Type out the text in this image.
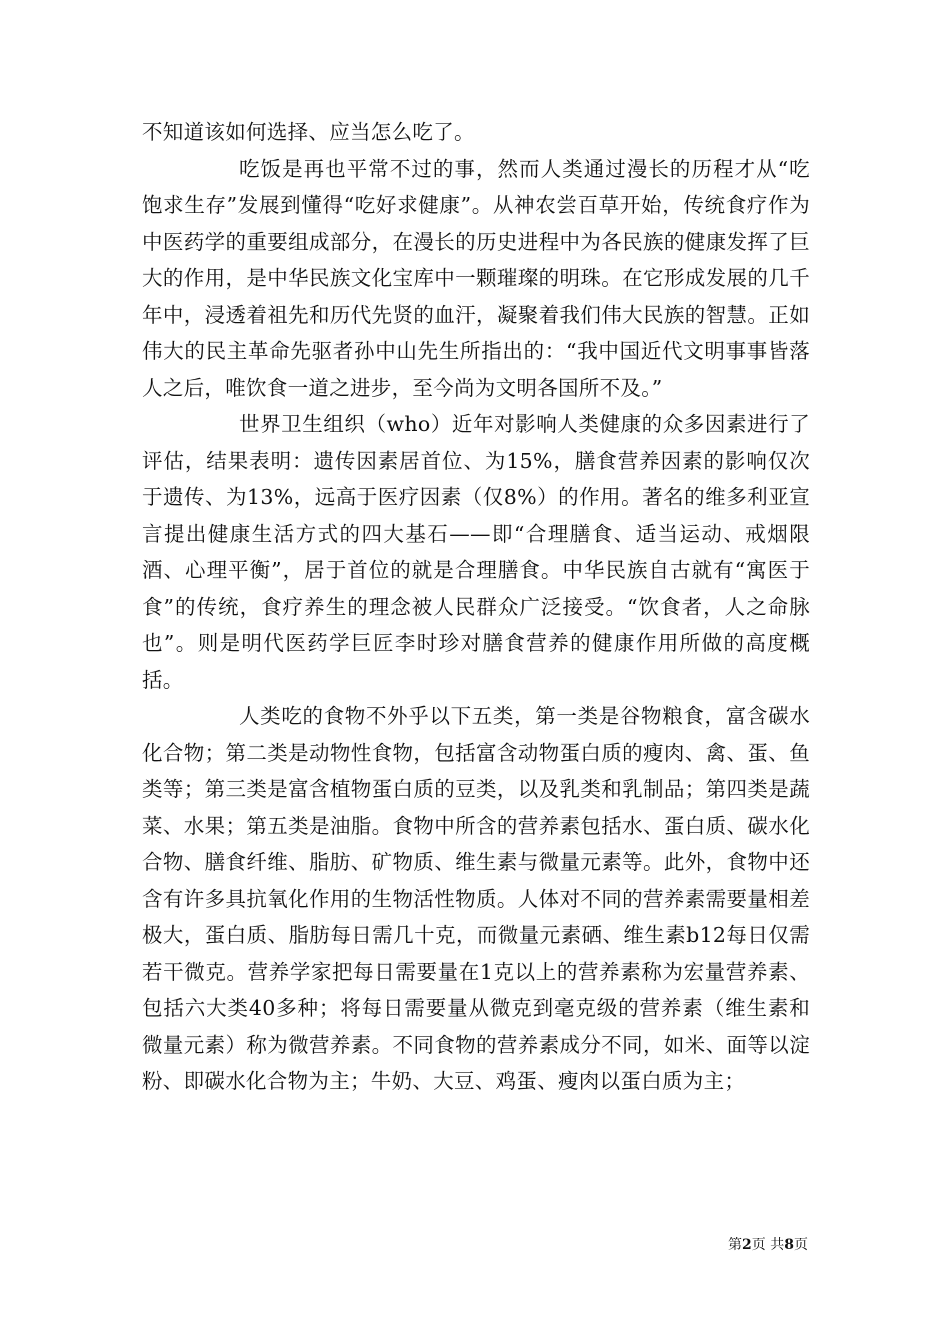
不知道该如何选择、应当怎么吃了。

吃饭是再也平常不过的事，然而人类通过漫长的历程才从“吃饱求生存”发展到懂得“吃好求健康”。从神农尝百草开始，传统食疗作为中医药学的重要组成部分，在漫长的历史进程中为各民族的健康发挥了巨大的作用，是中华民族文化宝库中一颗璀璨的明珠。在它形成发展的几千年中，浸透着祖先和历代先贤的血汗，凝聚着我们伟大民族的智慧。正如伟大的民主革命先驱者孙中山先生所指出的：“我中国近代文明事事皆落人之后，唯饮食一道之进步，至今尚为文明各国所不及。”

世界卫生组织（who）近年对影响人类健康的众多因素进行了评估，结果表明：遗传因素居首位、为15%，膳食营养因素的影响仅次于遗传、为13%，远高于医疗因素（仅8%）的作用。著名的维多利亚宣言提出健康生活方式的四大基石——即“合理膳食、适当运动、戒烟限酒、心理平衡”，居于首位的就是合理膳食。中华民族自古就有“寓医于食”的传统，食疗养生的理念被人民群众广泛接受。“饮食者，人之命脉也”。则是明代医药学巨匠李时珍对膳食营养的健康作用所做的高度概括。

人类吃的食物不外乎以下五类，第一类是谷物粮食，富含碳水化合物；第二类是动物性食物，包括富含动物蛋白质的瘦肉、禽、蛋、鱼类等；第三类是富含植物蛋白质的豆类，以及乳类和乳制品；第四类是蔬菜、水果；第五类是油脂。食物中所含的营养素包括水、蛋白质、碳水化合物、膳食纤维、脂肪、矿物质、维生素与微量元素等。此外，食物中还含有许多具抗氧化作用的生物活性物质。人体对不同的营养素需要量相差极大，蛋白质、脂肪每日需几十克，而微量元素硒、维生素b12每日仅需若干微克。营养学家把每日需要量在1克以上的营养素称为宏量营养素、包括六大类40多种；将每日需要量从微克到毫克级的营养素（维生素和微量元素）称为微营养素。不同食物的营养素成分不同，如米、面等以淀粉、即碳水化合物为主；牛奶、大豆、鸡蛋、瘦肉以蛋白质为主；

第2页 共8页
